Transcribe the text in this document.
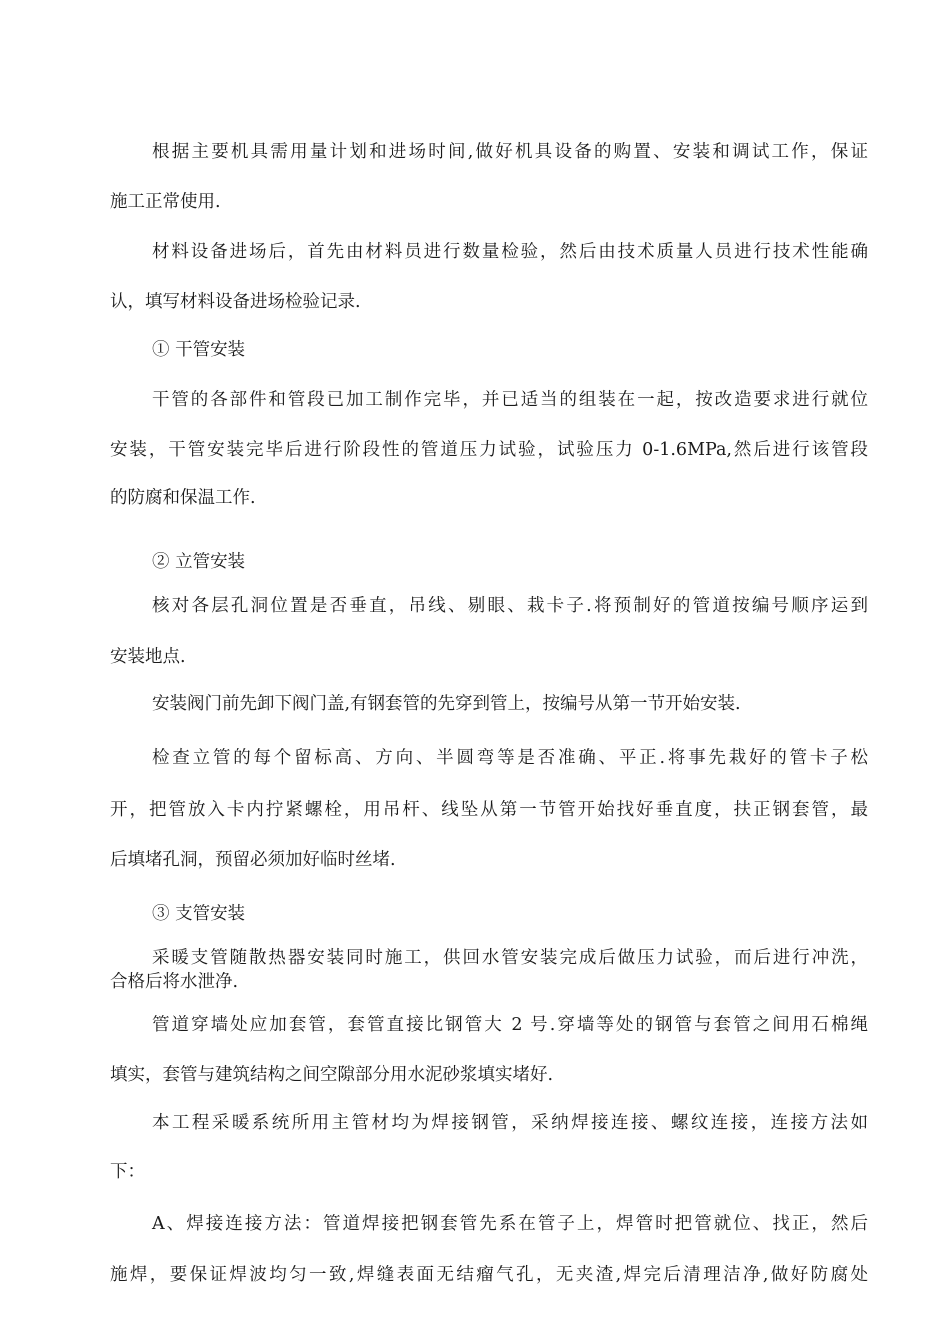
根据主要机具需用量计划和进场时间,做好机具设备的购置、安装和调试工作，保证
施工正常使用.
材料设备进场后，首先由材料员进行数量检验，然后由技术质量人员进行技术性能确
认，填写材料设备进场检验记录.
① 干管安装
干管的各部件和管段已加工制作完毕，并已适当的组装在一起，按改造要求进行就位
安装，干管安装完毕后进行阶段性的管道压力试验，试验压力 0-1.6MPa,然后进行该管段
的防腐和保温工作.
② 立管安装
核对各层孔洞位置是否垂直，吊线、剔眼、栽卡子.将预制好的管道按编号顺序运到
安装地点.
安装阀门前先卸下阀门盖,有钢套管的先穿到管上，按编号从第一节开始安装.
检查立管的每个留标高、方向、半圆弯等是否准确、平正.将事先栽好的管卡子松
开，把管放入卡内拧紧螺栓，用吊杆、线坠从第一节管开始找好垂直度，扶正钢套管，最
后填堵孔洞，预留必须加好临时丝堵.
③ 支管安装
采暖支管随散热器安装同时施工，供回水管安装完成后做压力试验，而后进行冲洗，
合格后将水泄净.
管道穿墙处应加套管，套管直接比钢管大 2 号.穿墙等处的钢管与套管之间用石棉绳
填实，套管与建筑结构之间空隙部分用水泥砂浆填实堵好.
本工程采暖系统所用主管材均为焊接钢管，采纳焊接连接、螺纹连接，连接方法如
下：
A、焊接连接方法：管道焊接把钢套管先系在管子上，焊管时把管就位、找正，然后
施焊，要保证焊波均匀一致,焊缝表面无结瘤气孔，无夹渣,焊完后清理洁净,做好防腐处
